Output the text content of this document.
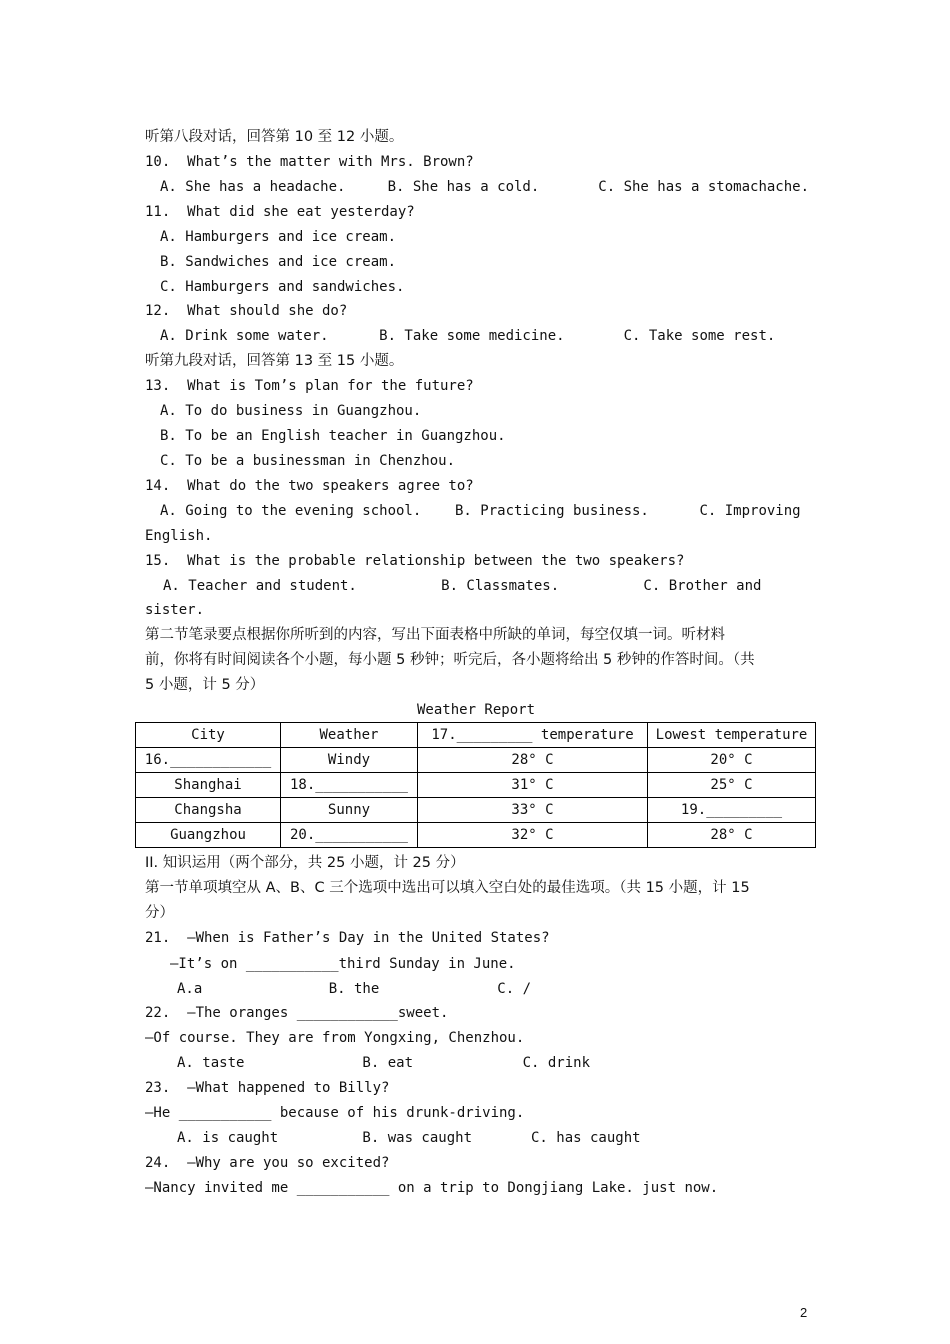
听第八段对话，回答第 10 至 12 小题。
10.  What’s the matter with Mrs. Brown?
A. She has a headache.     B. She has a cold.       C. She has a stomachache.
11.  What did she eat yesterday?
A. Hamburgers and ice cream.
B. Sandwiches and ice cream.
C. Hamburgers and sandwiches.
12.  What should she do?
A. Drink some water.      B. Take some medicine.       C. Take some rest.
听第九段对话，回答第 13 至 15 小题。
13.  What is Tom’s plan for the future?
A. To do business in Guangzhou.
B. To be an English teacher in Guangzhou.
C. To be a businessman in Chenzhou.
14.  What do the two speakers agree to?
A. Going to the evening school.    B. Practicing business.      C. Improving
English.
15.  What is the probable relationship between the two speakers?
A. Teacher and student.          B. Classmates.          C. Brother and
sister.
第二节笔录要点根据你所听到的内容，写出下面表格中所缺的单词，每空仅填一词。听材料
前，你将有时间阅读各个小题，每小题 5 秒钟；听完后，各小题将给出 5 秒钟的作答时间。（共
5 小题，计 5 分）
Weather Report
City	Weather	17._________ temperature	Lowest temperature
16.____________	Windy	28° C	20° C
Shanghai	18.___________	31° C	25° C
Changsha	Sunny	33° C	19._________
Guangzhou	20.___________	32° C	28° C
II. 知识运用（两个部分，共 25 小题，计 25 分）
第一节单项填空从 A、B、C 三个选项中选出可以填入空白处的最佳选项。（共 15 小题，计 15
分）
21.  —When is Father’s Day in the United States?
—It’s on ___________third Sunday in June.
A.a               B. the              C. /
22.  —The oranges ____________sweet.
—Of course. They are from Yongxing, Chenzhou.
A. taste              B. eat             C. drink
23.  —What happened to Billy?
—He ___________ because of his drunk-driving.
A. is caught          B. was caught       C. has caught
24.  —Why are you so excited?
—Nancy invited me ___________ on a trip to Dongjiang Lake. just now.
2
